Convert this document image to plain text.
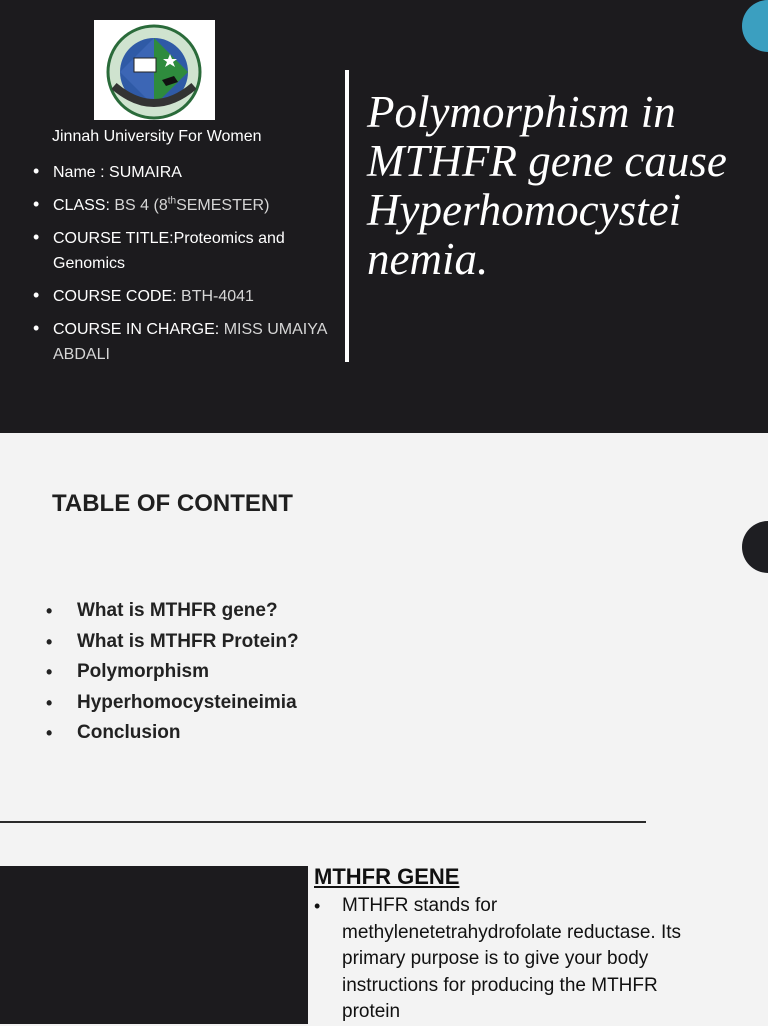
Jinnah University For Women
• Name : SUMAIRA
• CLASS: BS 4 (8thSEMESTER)
• COURSE TITLE:Proteomics and Genomics
• COURSE CODE: BTH-4041
• COURSE IN CHARGE: MISS UMAIYA ABDALI
Polymorphism in MTHFR gene cause Hyperhomocystei nemia.
TABLE OF CONTENT
• What is MTHFR gene?
• What is MTHFR Protein?
• Polymorphism
• Hyperhomocysteineimia
• Conclusion
MTHFR GENE
• MTHFR stands for methylenetetrahydrofolate reductase. Its primary purpose is to give your body instructions for producing the MTHFR protein
